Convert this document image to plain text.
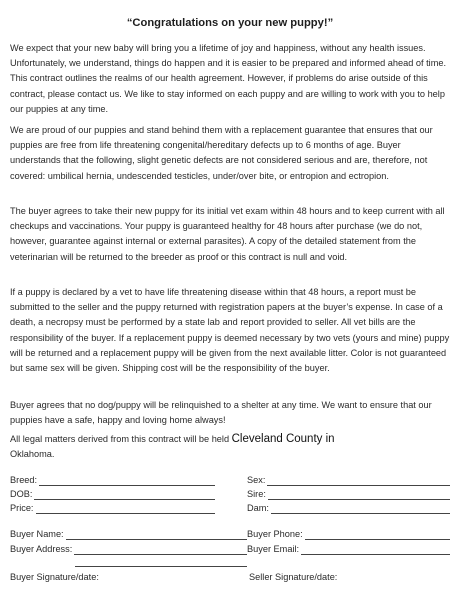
“Congratulations on your new puppy!”

We expect that your new baby will bring you a lifetime of joy and happiness, without any health issues. Unfortunately, we understand, things do happen and it is easier to be prepared and informed ahead of time. This contract outlines the realms of our health agreement. However, if problems do arise outside of this contract, please contact us. We like to stay informed on each puppy and are willing to work with you to help our puppies at any time.

We are proud of our puppies and stand behind them with a replacement guarantee that ensures that our puppies are free from life threatening congenital/hereditary defects up to 6 months of age. Buyer understands that the following, slight genetic defects are not considered serious and are, therefore, not covered: umbilical hernia, undescended testicles, under/over bite, or entropion and ectropion.

The buyer agrees to take their new puppy for its initial vet exam within 48 hours and to keep current with all checkups and vaccinations. Your puppy is guaranteed healthy for 48 hours after purchase (we do not, however, guarantee against internal or external parasites). A copy of the detailed statement from the veterinarian will be returned to the breeder as proof or this contract is null and void.

If a puppy is declared by a vet to have life threatening disease within that 48 hours, a report must be submitted to the seller and the puppy returned with registration papers at the buyer’s expense. In case of a death, a necropsy must be performed by a state lab and report provided to seller. All vet bills are the responsibility of the buyer. If a replacement puppy is deemed necessary by two vets (yours and mine) puppy will be returned and a replacement puppy will be given from the next available litter. Color is not guaranteed but same sex will be given. Shipping cost will be the responsibility of the buyer.

Buyer agrees that no dog/puppy will be relinquished to a shelter at any time. We want to ensure that our puppies have a safe, happy and loving home always!

All legal matters derived from this contract will be held Cleveland County in
Oklahoma.

Breed:
DOB:
Price:
Sex:
Sire:
Dam:
Buyer Name:
Buyer Address:
Buyer Phone:
Buyer Email:
Buyer Signature/date:	Seller Signature/date:
